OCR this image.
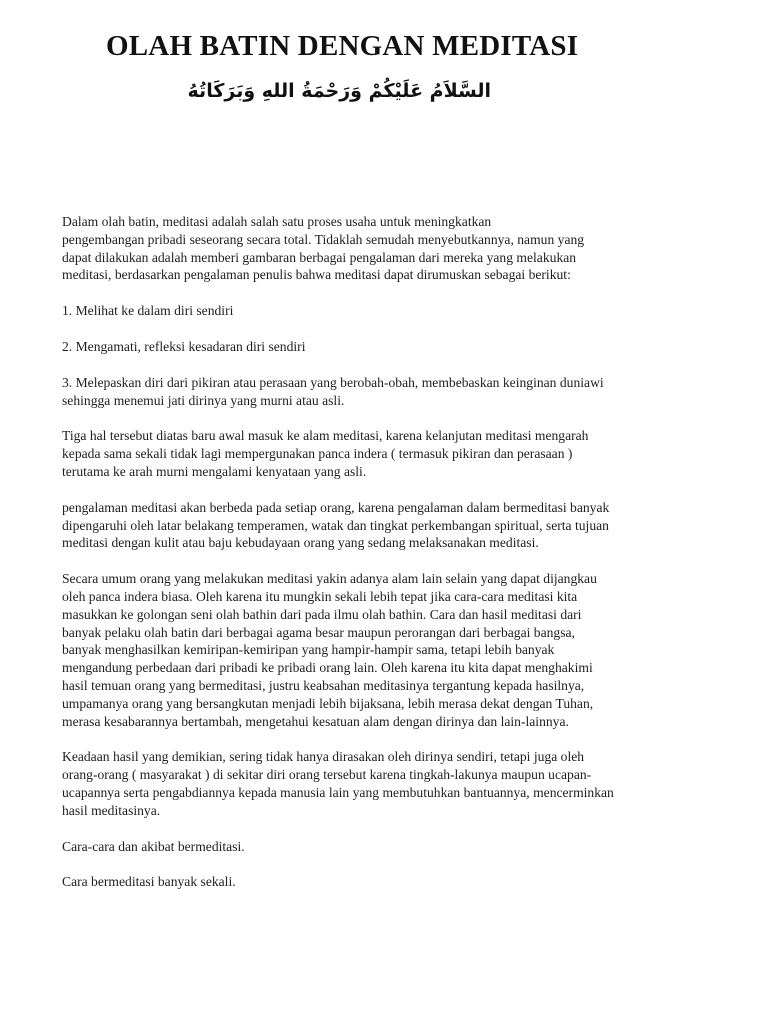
OLAH BATIN DENGAN MEDITASI

السَّلاَمُ عَلَيْكُمْ وَرَحْمَةُ اللهِ وَبَرَكَاتُهُ

Dalam olah batin, meditasi adalah salah satu proses usaha untuk meningkatkan
pengembangan pribadi seseorang secara total. Tidaklah semudah menyebutkannya, namun yang
dapat dilakukan adalah memberi gambaran berbagai pengalaman dari mereka yang melakukan
meditasi, berdasarkan pengalaman penulis bahwa meditasi dapat dirumuskan sebagai berikut:
1. Melihat ke dalam diri sendiri
2. Mengamati, refleksi kesadaran diri sendiri
3. Melepaskan diri dari pikiran atau perasaan yang berobah-obah, membebaskan keinginan duniawi
sehingga menemui jati dirinya yang murni atau asli.
Tiga hal tersebut diatas baru awal masuk ke alam meditasi, karena kelanjutan meditasi mengarah
kepada sama sekali tidak lagi mempergunakan panca indera ( termasuk pikiran dan perasaan )
terutama ke arah murni mengalami kenyataan yang asli.
pengalaman meditasi akan berbeda pada setiap orang, karena pengalaman dalam bermeditasi banyak
dipengaruhi oleh latar belakang temperamen, watak dan tingkat perkembangan spiritual, serta tujuan
meditasi dengan kulit atau baju kebudayaan orang yang sedang melaksanakan meditasi.
Secara umum orang yang melakukan meditasi yakin adanya alam lain selain yang dapat dijangkau
oleh panca indera biasa. Oleh karena itu mungkin sekali lebih tepat jika cara-cara meditasi kita
masukkan ke golongan seni olah bathin dari pada ilmu olah bathin. Cara dan hasil meditasi dari
banyak pelaku olah batin dari berbagai agama besar maupun perorangan dari berbagai bangsa,
banyak menghasilkan kemiripan-kemiripan yang hampir-hampir sama, tetapi lebih banyak
mengandung perbedaan dari pribadi ke pribadi orang lain. Oleh karena itu kita dapat menghakimi
hasil temuan orang yang bermeditasi, justru keabsahan meditasinya tergantung kepada hasilnya,
umpamanya orang yang bersangkutan menjadi lebih bijaksana, lebih merasa dekat dengan Tuhan,
merasa kesabarannya bertambah, mengetahui kesatuan alam dengan dirinya dan lain-lainnya.
Keadaan hasil yang demikian, sering tidak hanya dirasakan oleh dirinya sendiri, tetapi juga oleh
orang-orang ( masyarakat ) di sekitar diri orang tersebut karena tingkah-lakunya maupun ucapan-
ucapannya serta pengabdiannya kepada manusia lain yang membutuhkan bantuannya, mencerminkan
hasil meditasinya.
Cara-cara dan akibat bermeditasi.
Cara bermeditasi banyak sekali.
